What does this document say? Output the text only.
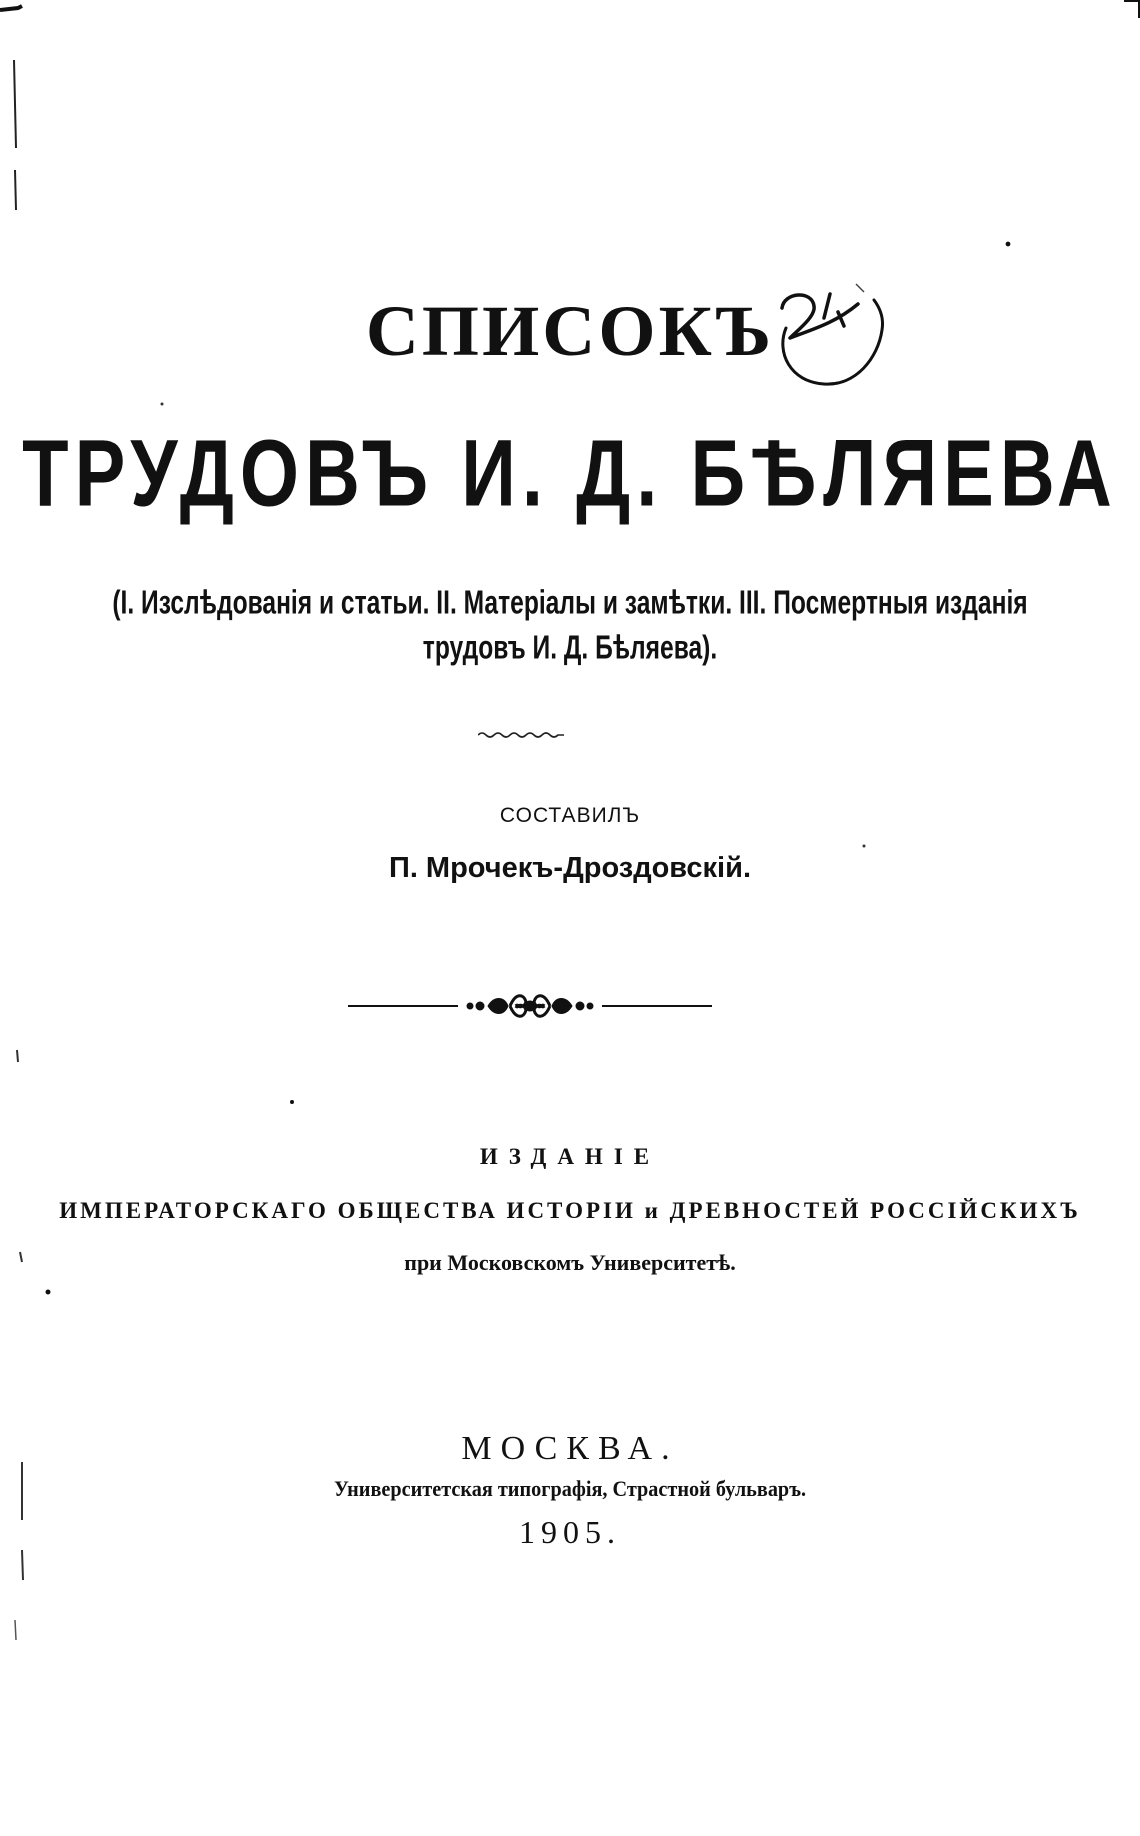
СПИСОКЪ
ТРУДОВЪ И. Д. БѢЛЯЕВА
(I. Изслѣдованія и статьи. II. Матеріалы и замѣтки. III. Посмертныя изданія
трудовъ И. Д. Бѣляева).
СОСТАВИЛЪ
П. Мрочекъ-Дроздовскій.
ИЗДАНІЕ
ИМПЕРАТОРСКАГО ОБЩЕСТВА ИСТОРІИ и ДРЕВНОСТЕЙ РОССІЙСКИХЪ
при Московскомъ Университетѣ.
МОСКВА.
Университетская типографія, Страстной бульваръ.
1905.
